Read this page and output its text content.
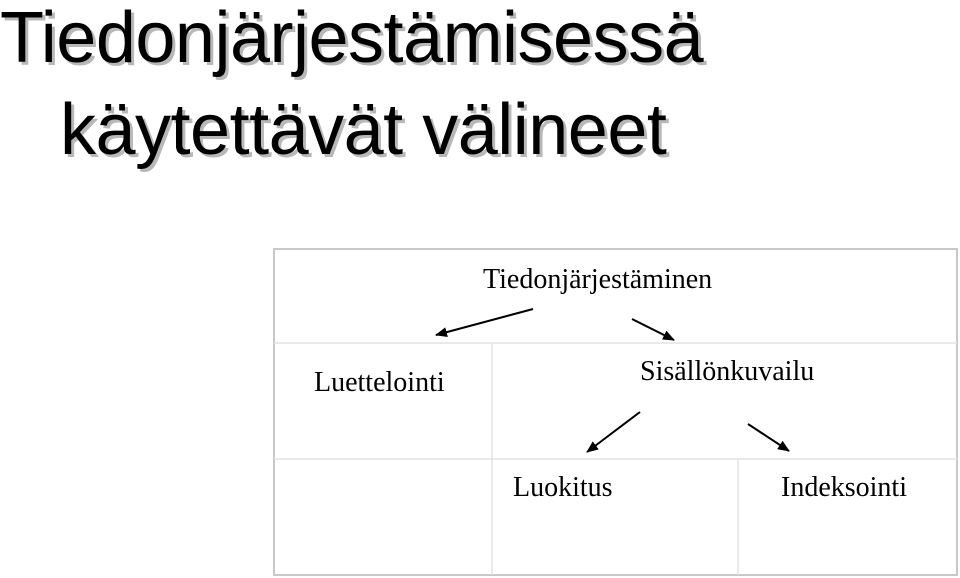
Tiedonjärjestämisessä
käytettävät välineet
Tiedonjärjestäminen
Luettelointi	Sisällönkuvailu
Luokitus	Indeksointi
